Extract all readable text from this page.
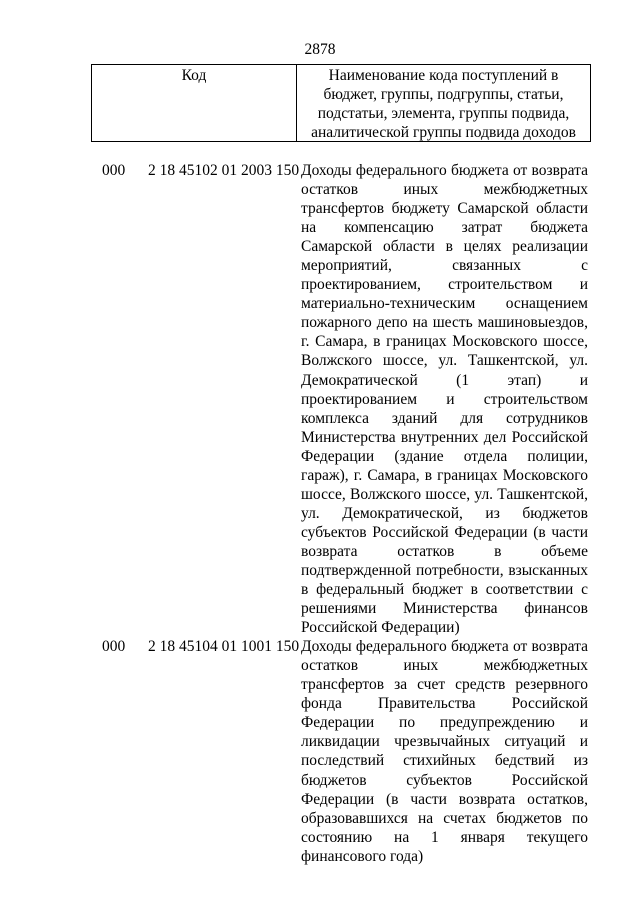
2878
Код	Наименование кода поступлений в бюджет, группы, подгруппы, статьи, подстатьи, элемента, группы подвида, аналитической группы подвида доходов
000 2 18 45102 01 2003 150 Доходы федерального бюджета от возврата остатков иных межбюджетных трансфертов бюджету Самарской области на компенсацию затрат бюджета Самарской области в целях реализации мероприятий, связанных с проектированием, строительством и материально-техническим оснащением пожарного депо на шесть машиновыездов, г. Самара, в границах Московского шоссе, Волжского шоссе, ул. Ташкентской, ул. Демократической (1 этап) и проектированием и строительством комплекса зданий для сотрудников Министерства внутренних дел Российской Федерации (здание отдела полиции, гараж), г. Самара, в границах Московского шоссе, Волжского шоссе, ул. Ташкентской, ул. Демократической, из бюджетов субъектов Российской Федерации (в части возврата остатков в объеме подтвержденной потребности, взысканных в федеральный бюджет в соответствии с решениями Министерства финансов Российской Федерации)
000 2 18 45104 01 1001 150 Доходы федерального бюджета от возврата остатков иных межбюджетных трансфертов за счет средств резервного фонда Правительства Российской Федерации по предупреждению и ликвидации чрезвычайных ситуаций и последствий стихийных бедствий из бюджетов субъектов Российской Федерации (в части возврата остатков, образовавшихся на счетах бюджетов по состоянию на 1 января текущего финансового года)
